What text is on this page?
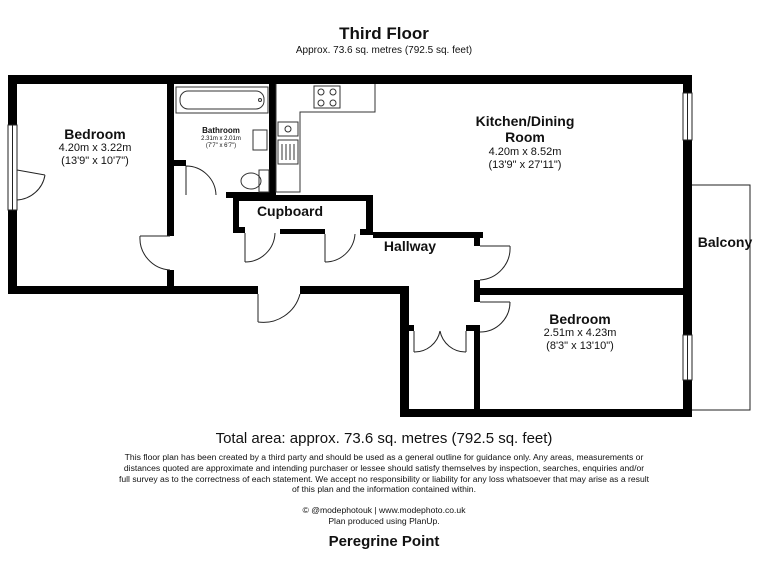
Third Floor
Approx. 73.6 sq. metres (792.5 sq. feet)
Bedroom
4.20m x 3.22m
(13'9" x 10'7")
Bathroom
2.31m x 2.01m
(7'7" x 6'7")
Kitchen/Dining
Room
4.20m x 8.52m
(13'9" x 27'11")
Cupboard
Hallway	Balcony
Bedroom
2.51m x 4.23m
(8'3" x 13'10")
Total area: approx. 73.6 sq. metres (792.5 sq. feet)
This floor plan has been created by a third party and should be used as a general outline for guidance only. Any areas, measurements or distances quoted are approximate and intending purchaser or lessee should satisfy themselves by inspection, searches, enquiries and/or full survey as to the correctness of each statement. We accept no responsibility or liability for any loss whatsoever that may arise as a result of this plan and the information contained within.
© @modephotouk | www.modephoto.co.uk
Plan produced using PlanUp.
Peregrine Point
